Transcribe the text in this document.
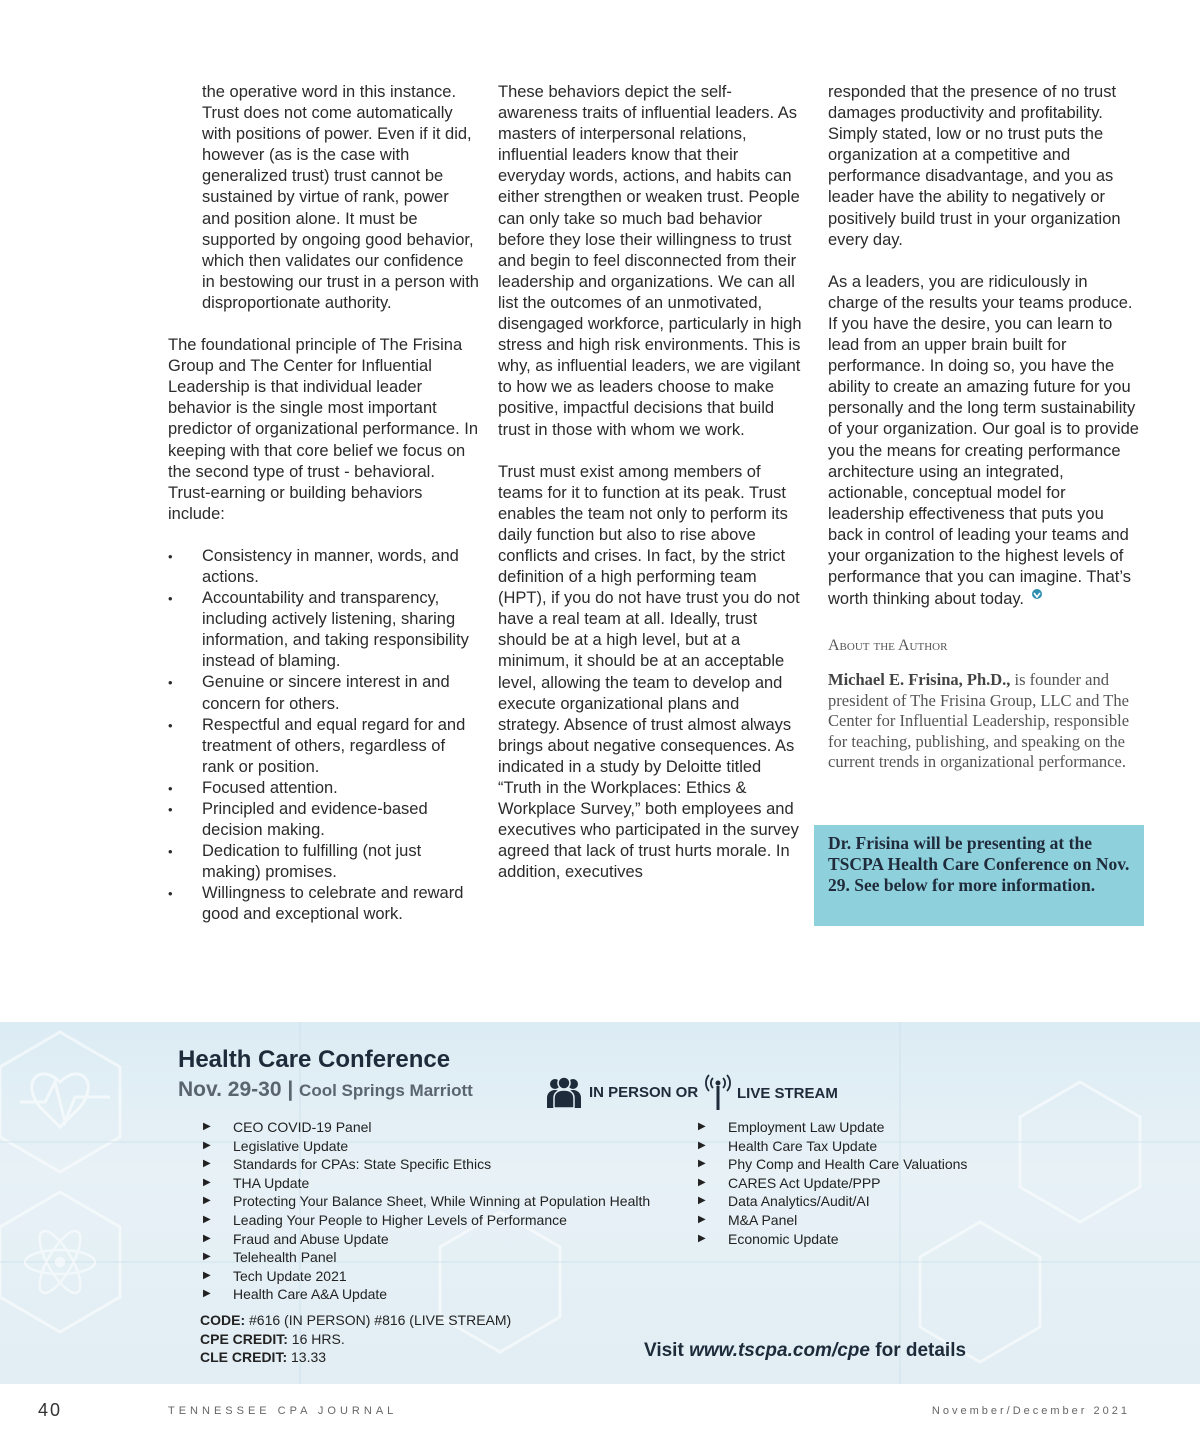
the operative word in this instance. Trust does not come automatically with positions of power. Even if it did, however (as is the case with generalized trust) trust cannot be sustained by virtue of rank, power and position alone. It must be supported by ongoing good behavior, which then validates our confidence in bestowing our trust in a person with disproportionate authority.

The foundational principle of The Frisina Group and The Center for Influential Leadership is that individual leader behavior is the single most important predictor of organizational performance. In keeping with that core belief we focus on the second type of trust - behavioral. Trust-earning or building behaviors include:

• Consistency in manner, words, and actions.
• Accountability and transparency, including actively listening, sharing information, and taking responsibility instead of blaming.
• Genuine or sincere interest in and concern for others.
• Respectful and equal regard for and treatment of others, regardless of rank or position.
• Focused attention.
• Principled and evidence-based decision making.
• Dedication to fulfilling (not just making) promises.
• Willingness to celebrate and reward good and exceptional work.

These behaviors depict the self-awareness traits of influential leaders. As masters of interpersonal relations, influential leaders know that their everyday words, actions, and habits can either strengthen or weaken trust. People can only take so much bad behavior before they lose their willingness to trust and begin to feel disconnected from their leadership and organizations. We can all list the outcomes of an unmotivated, disengaged workforce, particularly in high stress and high risk environments. This is why, as influential leaders, we are vigilant to how we as leaders choose to make positive, impactful decisions that build trust in those with whom we work.

Trust must exist among members of teams for it to function at its peak. Trust enables the team not only to perform its daily function but also to rise above conflicts and crises. In fact, by the strict definition of a high performing team (HPT), if you do not have trust you do not have a real team at all. Ideally, trust should be at a high level, but at a minimum, it should be at an acceptable level, allowing the team to develop and execute organizational plans and strategy. Absence of trust almost always brings about negative consequences. As indicated in a study by Deloitte titled “Truth in the Workplaces: Ethics & Workplace Survey,” both employees and executives who participated in the survey agreed that lack of trust hurts morale. In addition, executives

responded that the presence of no trust damages productivity and profitability. Simply stated, low or no trust puts the organization at a competitive and performance disadvantage, and you as leader have the ability to negatively or positively build trust in your organization every day.

As a leaders, you are ridiculously in charge of the results your teams produce. If you have the desire, you can learn to lead from an upper brain built for performance. In doing so, you have the ability to create an amazing future for you personally and the long term sustainability of your organization. Our goal is to provide you the means for creating performance architecture using an integrated, actionable, conceptual model for leadership effectiveness that puts you back in control of leading your teams and your organization to the highest levels of performance that you can imagine. That’s worth thinking about today.

About the Author

Michael E. Frisina, Ph.D., is founder and president of The Frisina Group, LLC and The Center for Influential Leadership, responsible for teaching, publishing, and speaking on the current trends in organizational performance.

Dr. Frisina will be presenting at the TSCPA Health Care Conference on Nov. 29. See below for more information.
Health Care Conference
Nov. 29-30 | Cool Springs Marriott	IN PERSON OR	LIVE STREAM
▶ CEO COVID-19 Panel
▶ Legislative Update
▶ Standards for CPAs: State Specific Ethics
▶ THA Update
▶ Protecting Your Balance Sheet, While Winning at Population Health
▶ Leading Your People to Higher Levels of Performance
▶ Fraud and Abuse Update
▶ Telehealth Panel
▶ Tech Update 2021
▶ Health Care A&A Update
▶ Employment Law Update
▶ Health Care Tax Update
▶ Phy Comp and Health Care Valuations
▶ CARES Act Update/PPP
▶ Data Analytics/Audit/AI
▶ M&A Panel
▶ Economic Update
CODE: #616 (IN PERSON) #816 (LIVE STREAM)
CPE CREDIT: 16 HRS.
CLE CREDIT: 13.33	Visit www.tscpa.com/cpe for details
40	TENNESSEE CPA JOURNAL	November/December 2021
